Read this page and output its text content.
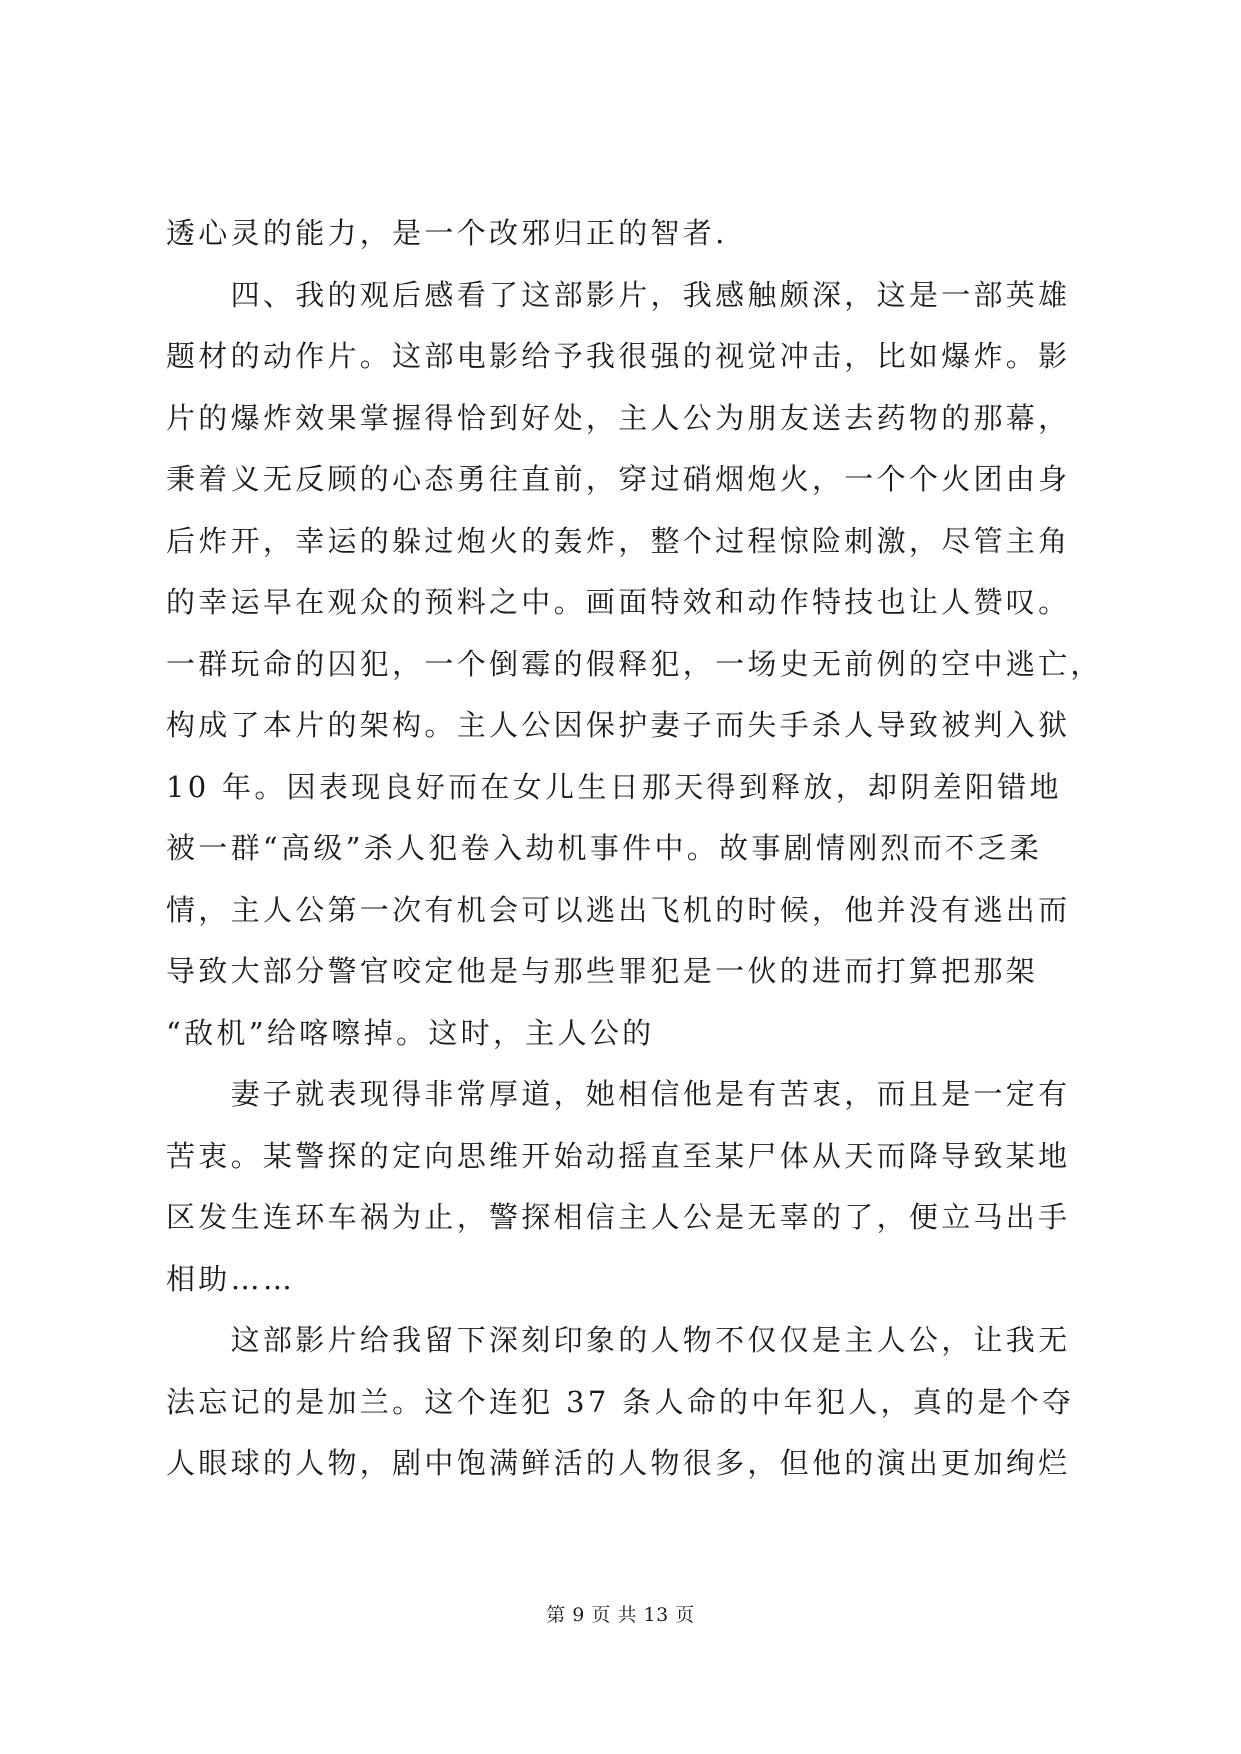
透心灵的能力，是一个改邪归正的智者.
　　四、我的观后感看了这部影片，我感触颇深，这是一部英雄
题材的动作片。这部电影给予我很强的视觉冲击，比如爆炸。影
片的爆炸效果掌握得恰到好处，主人公为朋友送去药物的那幕，
秉着义无反顾的心态勇往直前，穿过硝烟炮火，一个个火团由身
后炸开，幸运的躲过炮火的轰炸，整个过程惊险刺激，尽管主角
的幸运早在观众的预料之中。画面特效和动作特技也让人赞叹。
一群玩命的囚犯，一个倒霉的假释犯，一场史无前例的空中逃亡，
构成了本片的架构。主人公因保护妻子而失手杀人导致被判入狱
10 年。因表现良好而在女儿生日那天得到释放，却阴差阳错地
被一群“高级”杀人犯卷入劫机事件中。故事剧情刚烈而不乏柔
情，主人公第一次有机会可以逃出飞机的时候，他并没有逃出而
导致大部分警官咬定他是与那些罪犯是一伙的进而打算把那架
“敌机”给喀嚓掉。这时，主人公的
　　妻子就表现得非常厚道，她相信他是有苦衷，而且是一定有
苦衷。某警探的定向思维开始动摇直至某尸体从天而降导致某地
区发生连环车祸为止，警探相信主人公是无辜的了，便立马出手
相助……
　　这部影片给我留下深刻印象的人物不仅仅是主人公，让我无
法忘记的是加兰。这个连犯 37 条人命的中年犯人，真的是个夺
人眼球的人物，剧中饱满鲜活的人物很多，但他的演出更加绚烂
第 9 页 共 13 页
